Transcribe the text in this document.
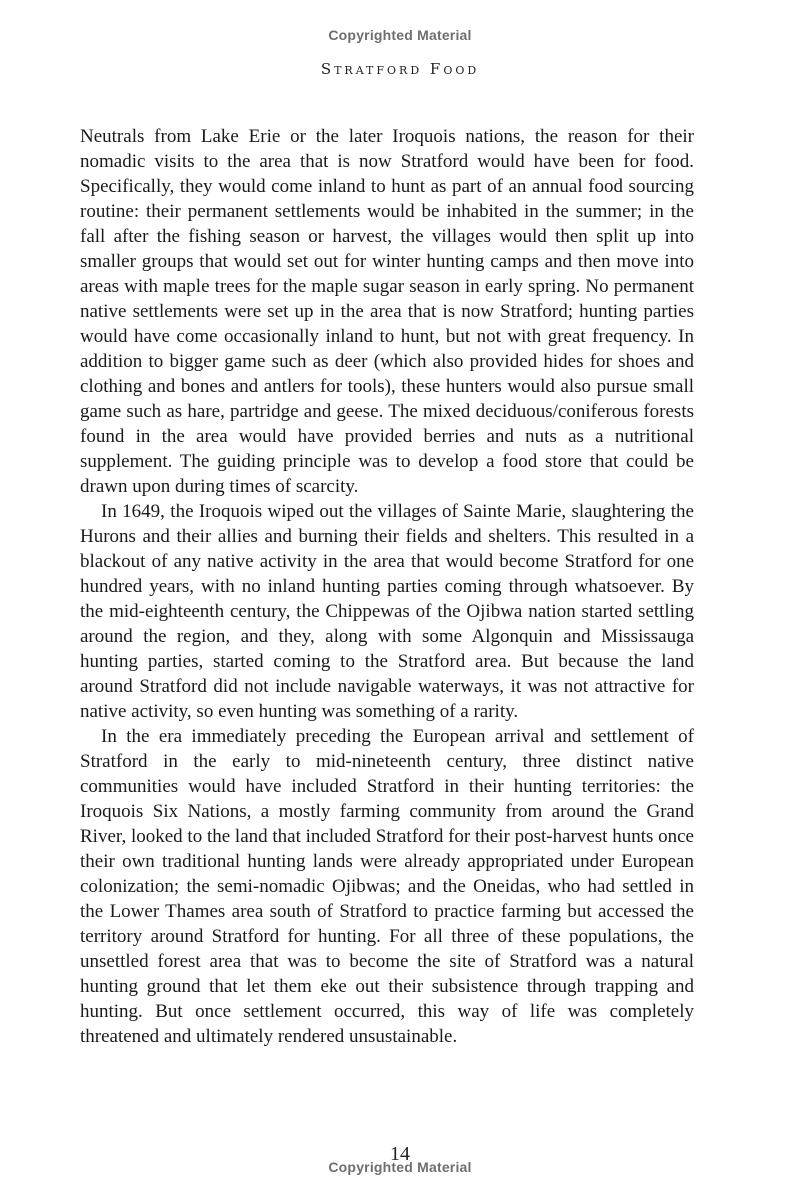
Copyrighted Material
Stratford Food

Neutrals from Lake Erie or the later Iroquois nations, the reason for their nomadic visits to the area that is now Stratford would have been for food. Specifically, they would come inland to hunt as part of an annual food sourcing routine: their permanent settlements would be inhabited in the summer; in the fall after the fishing season or harvest, the villages would then split up into smaller groups that would set out for winter hunting camps and then move into areas with maple trees for the maple sugar season in early spring. No permanent native settlements were set up in the area that is now Stratford; hunting parties would have come occasionally inland to hunt, but not with great frequency. In addition to bigger game such as deer (which also provided hides for shoes and clothing and bones and antlers for tools), these hunters would also pursue small game such as hare, partridge and geese. The mixed deciduous/coniferous forests found in the area would have provided berries and nuts as a nutritional supplement. The guiding principle was to develop a food store that could be drawn upon during times of scarcity.

In 1649, the Iroquois wiped out the villages of Sainte Marie, slaughtering the Hurons and their allies and burning their fields and shelters. This resulted in a blackout of any native activity in the area that would become Stratford for one hundred years, with no inland hunting parties coming through whatsoever. By the mid-eighteenth century, the Chippewas of the Ojibwa nation started settling around the region, and they, along with some Algonquin and Mississauga hunting parties, started coming to the Stratford area. But because the land around Stratford did not include navigable waterways, it was not attractive for native activity, so even hunting was something of a rarity.

In the era immediately preceding the European arrival and settlement of Stratford in the early to mid-nineteenth century, three distinct native communities would have included Stratford in their hunting territories: the Iroquois Six Nations, a mostly farming community from around the Grand River, looked to the land that included Stratford for their post-harvest hunts once their own traditional hunting lands were already appropriated under European colonization; the semi-nomadic Ojibwas; and the Oneidas, who had settled in the Lower Thames area south of Stratford to practice farming but accessed the territory around Stratford for hunting. For all three of these populations, the unsettled forest area that was to become the site of Stratford was a natural hunting ground that let them eke out their subsistence through trapping and hunting. But once settlement occurred, this way of life was completely threatened and ultimately rendered unsustainable.

14
Copyrighted Material
